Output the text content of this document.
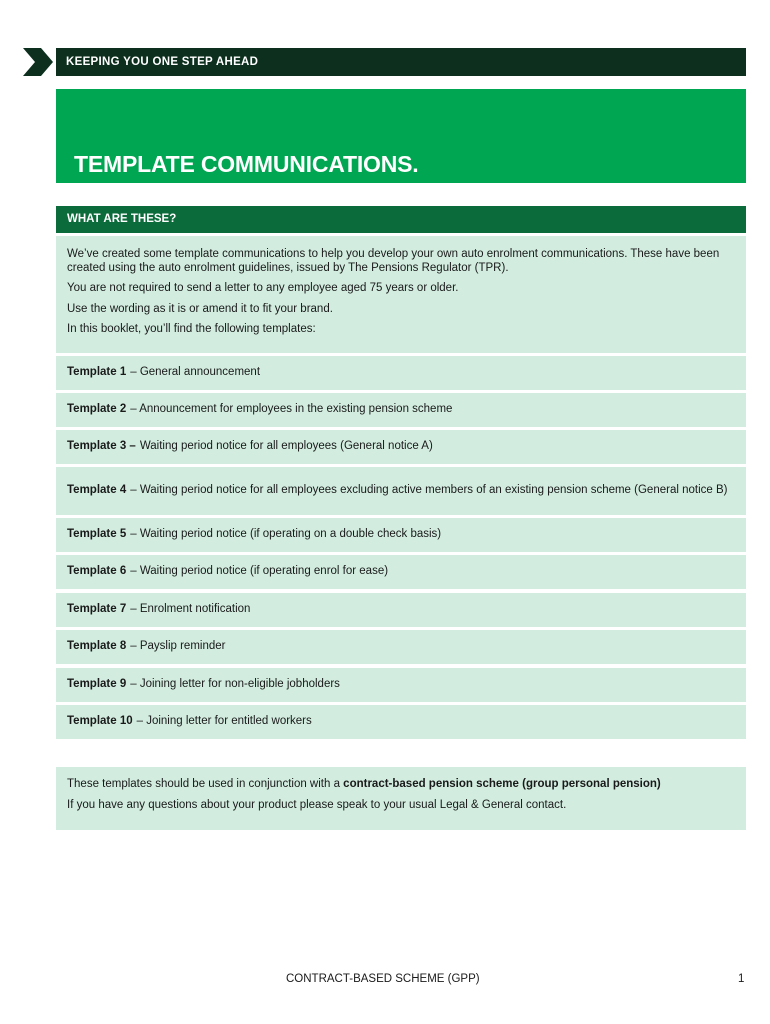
KEEPING YOU ONE STEP AHEAD
TEMPLATE COMMUNICATIONS.
WHAT ARE THESE?

We’ve created some template communications to help you develop your own auto enrolment communications. These have been created using the auto enrolment guidelines, issued by The Pensions Regulator (TPR).

You are not required to send a letter to any employee aged 75 years or older.

Use the wording as it is or amend it to fit your brand.

In this booklet, you’ll find the following templates:

Template 1 – General announcement
Template 2 – Announcement for employees in the existing pension scheme
Template 3 – Waiting period notice for all employees (General notice A)
Template 4 – Waiting period notice for all employees excluding active members of an existing pension scheme (General notice B)
Template 5 – Waiting period notice (if operating on a double check basis)
Template 6 – Waiting period notice (if operating enrol for ease)
Template 7 – Enrolment notification
Template 8 – Payslip reminder
Template 9 – Joining letter for non-eligible jobholders
Template 10 – Joining letter for entitled workers

These templates should be used in conjunction with a contract-based pension scheme (group personal pension)

If you have any questions about your product please speak to your usual Legal & General contact.

CONTRACT-BASED SCHEME (GPP)	1
